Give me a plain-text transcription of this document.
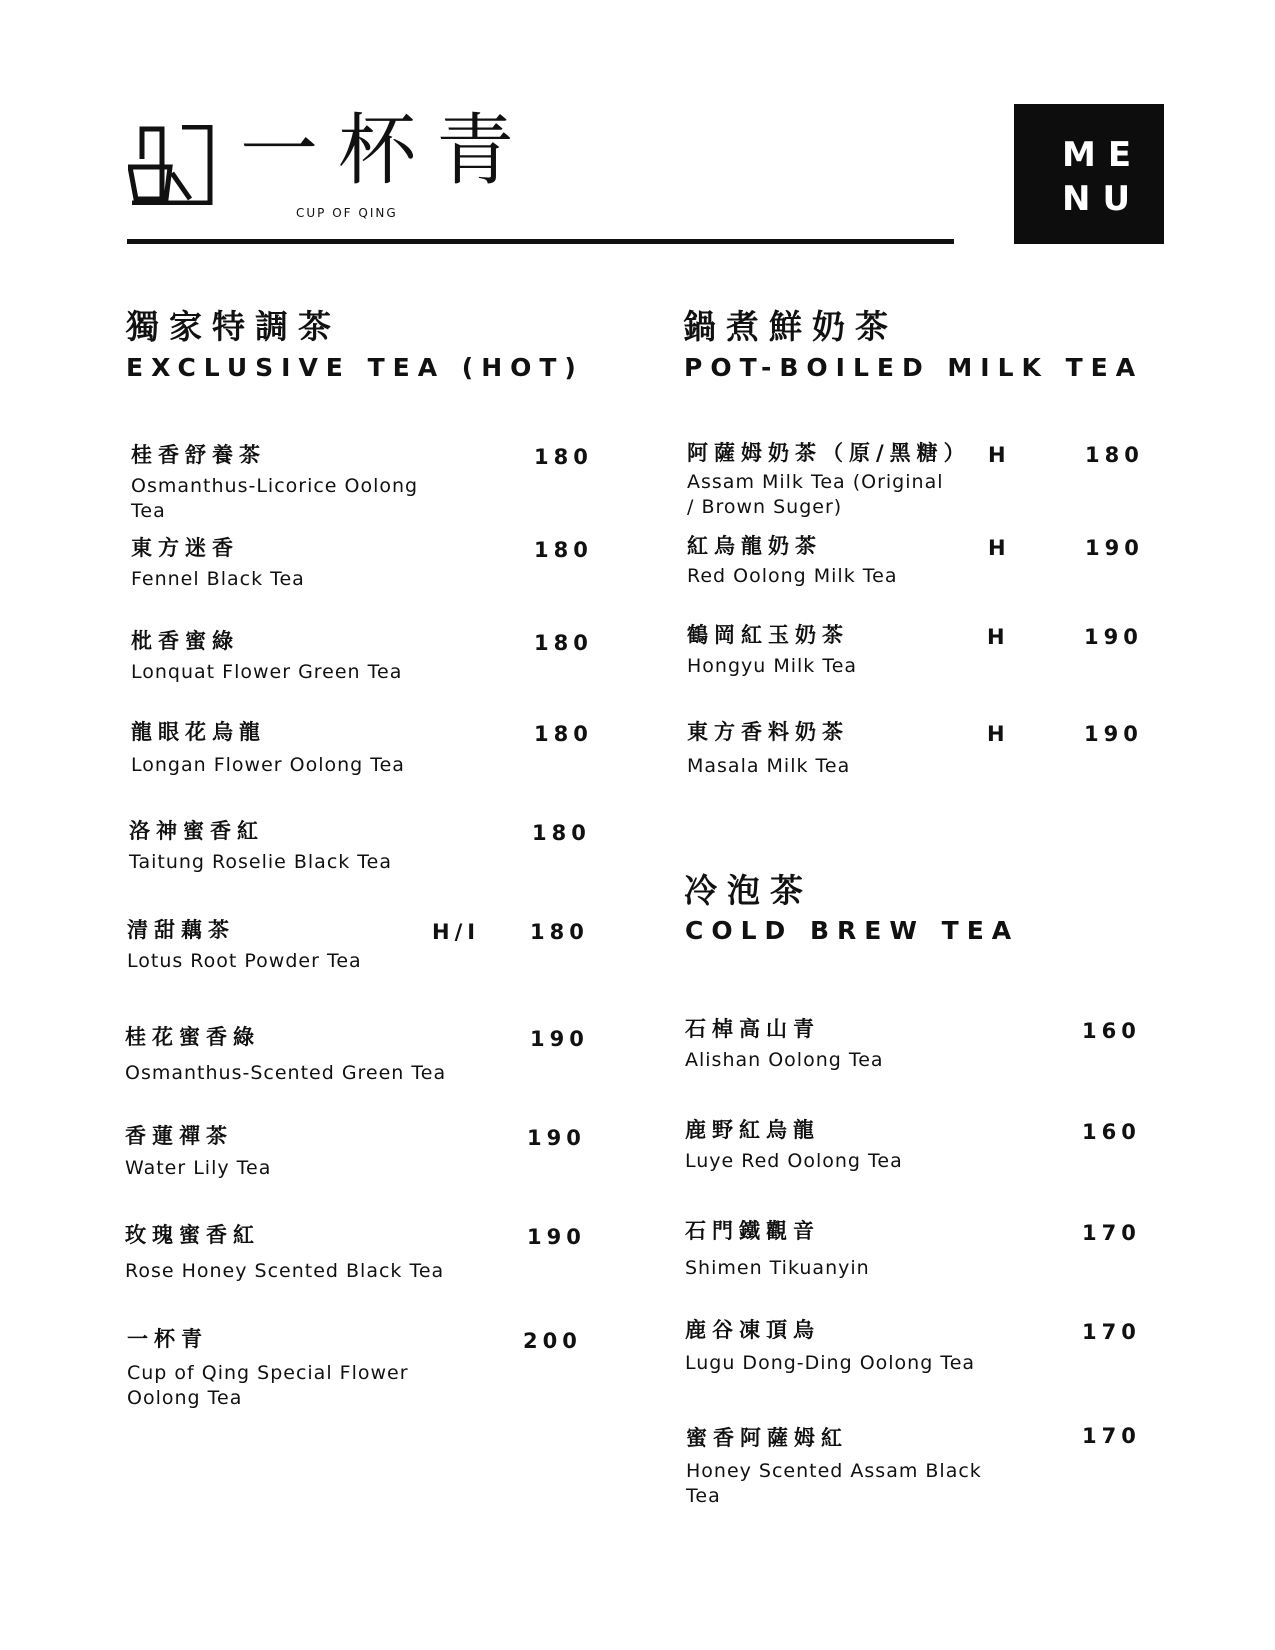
一杯青
CUP OF QING
ME
NU
獨家特調茶
EXCLUSIVE TEA (HOT)
桂香舒養茶	180
Osmanthus-Licorice Oolong Tea
東方迷香	180
Fennel Black Tea
枇香蜜綠	180
Lonquat Flower Green Tea
龍眼花烏龍	180
Longan Flower Oolong Tea
洛神蜜香紅	180
Taitung Roselie Black Tea
清甜藕茶	H/I 180
Lotus Root Powder Tea
桂花蜜香綠	190
Osmanthus-Scented Green Tea
香蓮禪茶	190
Water Lily Tea
玫瑰蜜香紅	190
Rose Honey Scented Black Tea
一杯青	200
Cup of Qing Special Flower Oolong Tea
鍋煮鮮奶茶
POT-BOILED MILK TEA
阿薩姆奶茶（原/黑糖） H	180
Assam Milk Tea (Original / Brown Suger)
紅烏龍奶茶	H	190
Red Oolong Milk Tea
鶴岡紅玉奶茶	H	190
Hongyu Milk Tea
東方香料奶茶	H	190
Masala Milk Tea
冷泡茶
COLD BREW TEA
石棹高山青	160
Alishan Oolong Tea
鹿野紅烏龍	160
Luye Red Oolong Tea
石門鐵觀音	170
Shimen Tikuanyin
鹿谷凍頂烏	170
Lugu Dong-Ding Oolong Tea
蜜香阿薩姆紅	170
Honey Scented Assam Black Tea
